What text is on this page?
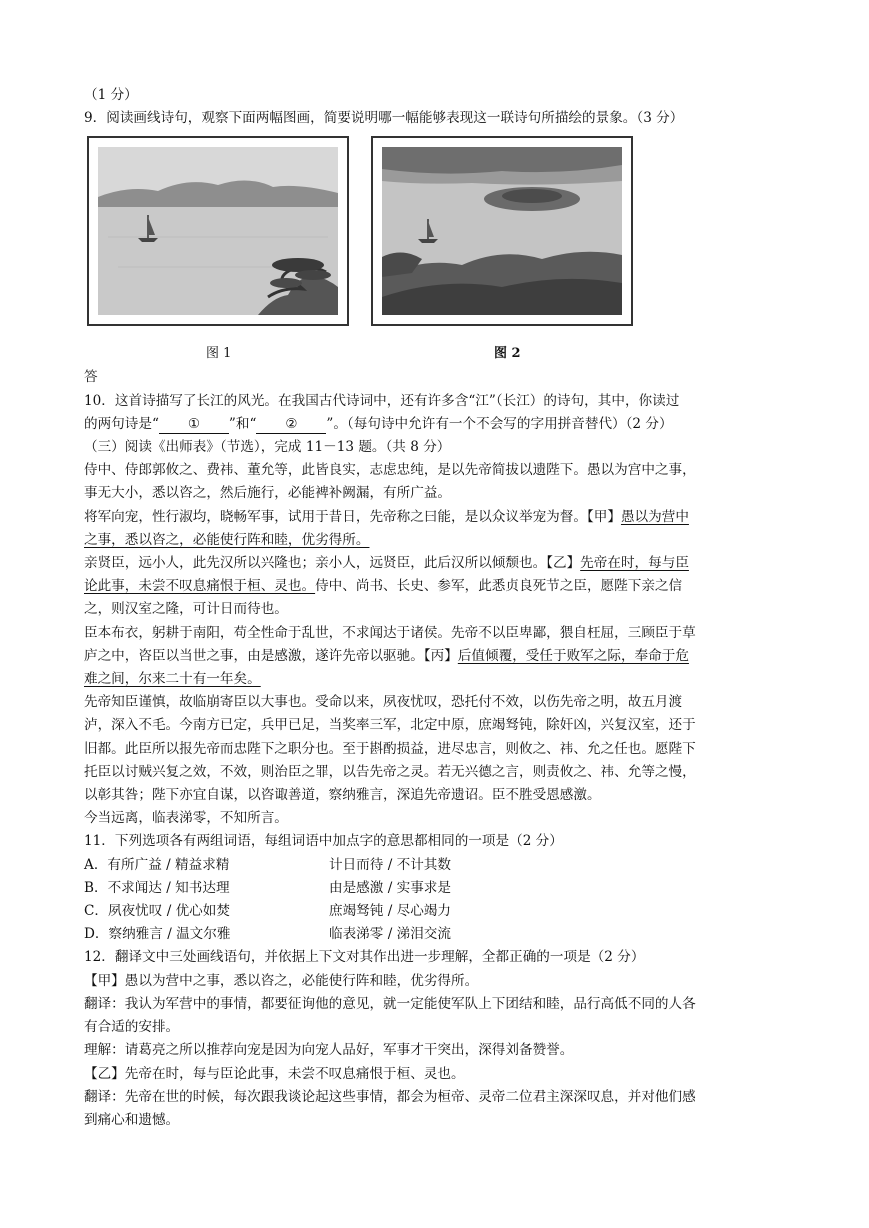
（1 分）
9．阅读画线诗句，观察下面两幅图画，简要说明哪一幅能够表现这一联诗句所描绘的景象。（3 分）
图 1	图 2
答
10．这首诗描写了长江的风光。在我国古代诗词中，还有许多含“江”（长江）的诗句，其中，你读过
的两句诗是“ ① ”和“ ② ”。（每句诗中允许有一个不会写的字用拼音替代）（2 分）
（三）阅读《出师表》（节选），完成 11－13 题。（共 8 分）
侍中、侍郎郭攸之、费祎、董允等，此皆良实，志虑忠纯，是以先帝简拔以遗陛下。愚以为宫中之事，
事无大小，悉以咨之，然后施行，必能裨补阙漏，有所广益。
将军向宠，性行淑均，晓畅军事，试用于昔日，先帝称之曰能，是以众议举宠为督。【甲】愚以为营中
之事，悉以咨之，必能使行阵和睦，优劣得所。
亲贤臣，远小人，此先汉所以兴隆也；亲小人，远贤臣，此后汉所以倾颓也。【乙】先帝在时，每与臣
论此事，未尝不叹息痛恨于桓、灵也。侍中、尚书、长史、参军，此悉贞良死节之臣，愿陛下亲之信
之，则汉室之隆，可计日而待也。
臣本布衣，躬耕于南阳，苟全性命于乱世，不求闻达于诸侯。先帝不以臣卑鄙，猥自枉屈，三顾臣于草
庐之中，咨臣以当世之事，由是感激，遂许先帝以驱驰。【丙】后值倾覆，受任于败军之际，奉命于危
难之间，尔来二十有一年矣。
先帝知臣谨慎，故临崩寄臣以大事也。受命以来，夙夜忧叹，恐托付不效，以伤先帝之明，故五月渡
泸，深入不毛。今南方已定，兵甲已足，当奖率三军，北定中原，庶竭驽钝，除奸凶，兴复汉室，还于
旧都。此臣所以报先帝而忠陛下之职分也。至于斟酌损益，进尽忠言，则攸之、祎、允之任也。愿陛下
托臣以讨贼兴复之效，不效，则治臣之罪，以告先帝之灵。若无兴德之言，则责攸之、祎、允等之慢，
以彰其咎；陛下亦宜自谋，以咨诹善道，察纳雅言，深追先帝遗诏。臣不胜受恩感激。
今当远离，临表涕零，不知所言。
11．下列选项各有两组词语，每组词语中加点字的意思都相同的一项是（2 分）
A．有所广益 / 精益求精	计日而待 / 不计其数
B．不求闻达 / 知书达理	由是感激 / 实事求是
C．夙夜忧叹 / 优心如焚	庶竭驽钝 / 尽心竭力
D．察纳雅言 / 温文尔雅	临表涕零 / 涕泪交流
12．翻译文中三处画线语句，并依据上下文对其作出进一步理解，全都正确的一项是（2 分）
【甲】愚以为营中之事，悉以咨之，必能使行阵和睦，优劣得所。
翻译：我认为军营中的事情，都要征询他的意见，就一定能使军队上下团结和睦，品行高低不同的人各
有合适的安排。
理解：请葛亮之所以推荐向宠是因为向宠人品好，军事才干突出，深得刘备赞誉。
【乙】先帝在时，每与臣论此事，未尝不叹息痛恨于桓、灵也。
翻译：先帝在世的时候，每次跟我谈论起这些事情，都会为桓帝、灵帝二位君主深深叹息，并对他们感
到痛心和遗憾。
